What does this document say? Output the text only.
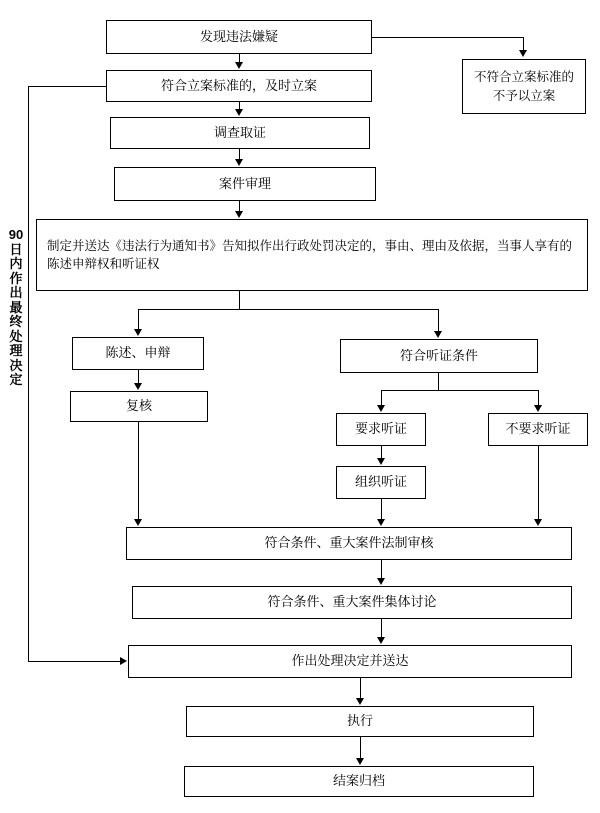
90日内作出最终处理决定
发现违法嫌疑
符合立案标准的，及时立案
不符合立案标准的不予以立案
调查取证
案件审理
制定并送达《违法行为通知书》告知拟作出行政处罚决定的，事由、理由及依据，当事人享有的陈述申辩权和听证权
陈述、申辩
复核
符合听证条件
要求听证	不要求听证
组织听证
符合条件、重大案件法制审核
符合条件、重大案件集体讨论
作出处理决定并送达
执行
结案归档
